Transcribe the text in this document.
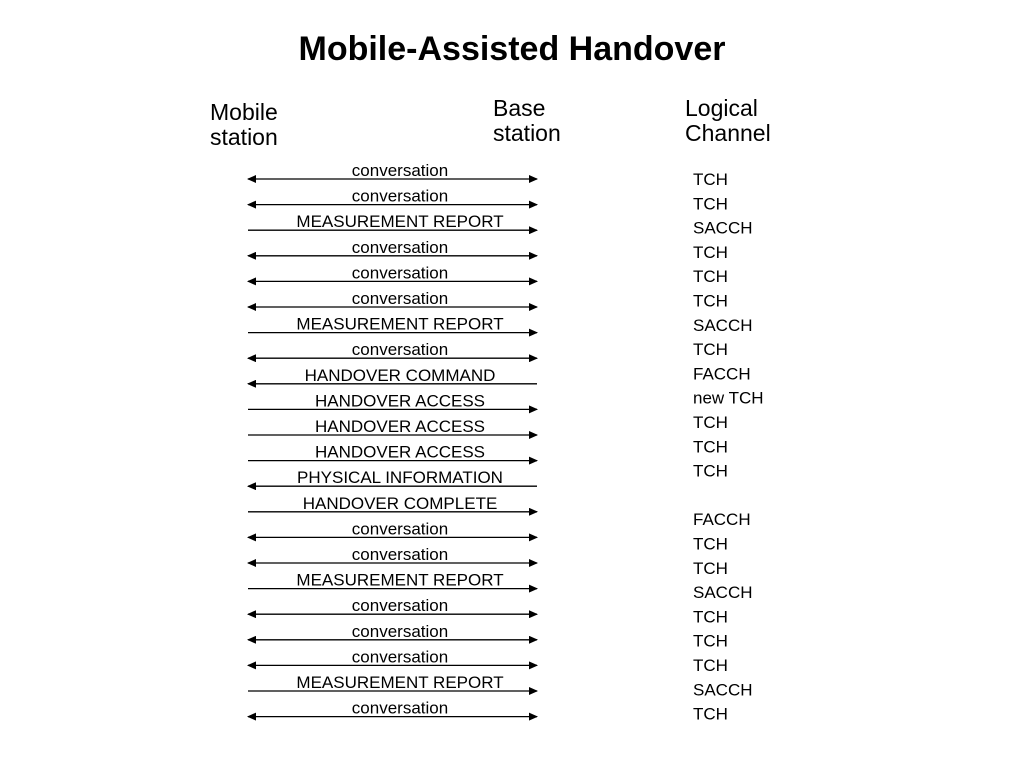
Mobile-Assisted Handover
Mobile
station
Base
station
Logical
Channel
conversation
conversation
MEASUREMENT REPORT
conversation
conversation
conversation
MEASUREMENT REPORT
conversation
HANDOVER COMMAND
HANDOVER ACCESS
HANDOVER ACCESS
HANDOVER ACCESS
PHYSICAL INFORMATION
HANDOVER COMPLETE
conversation
conversation
MEASUREMENT REPORT
conversation
conversation
conversation
MEASUREMENT REPORT
conversation
TCH
TCH
SACCH
TCH
TCH
TCH
SACCH
TCH
FACCH
new TCH
TCH
TCH
TCH
FACCH
TCH
TCH
SACCH
TCH
TCH
TCH
SACCH
TCH
